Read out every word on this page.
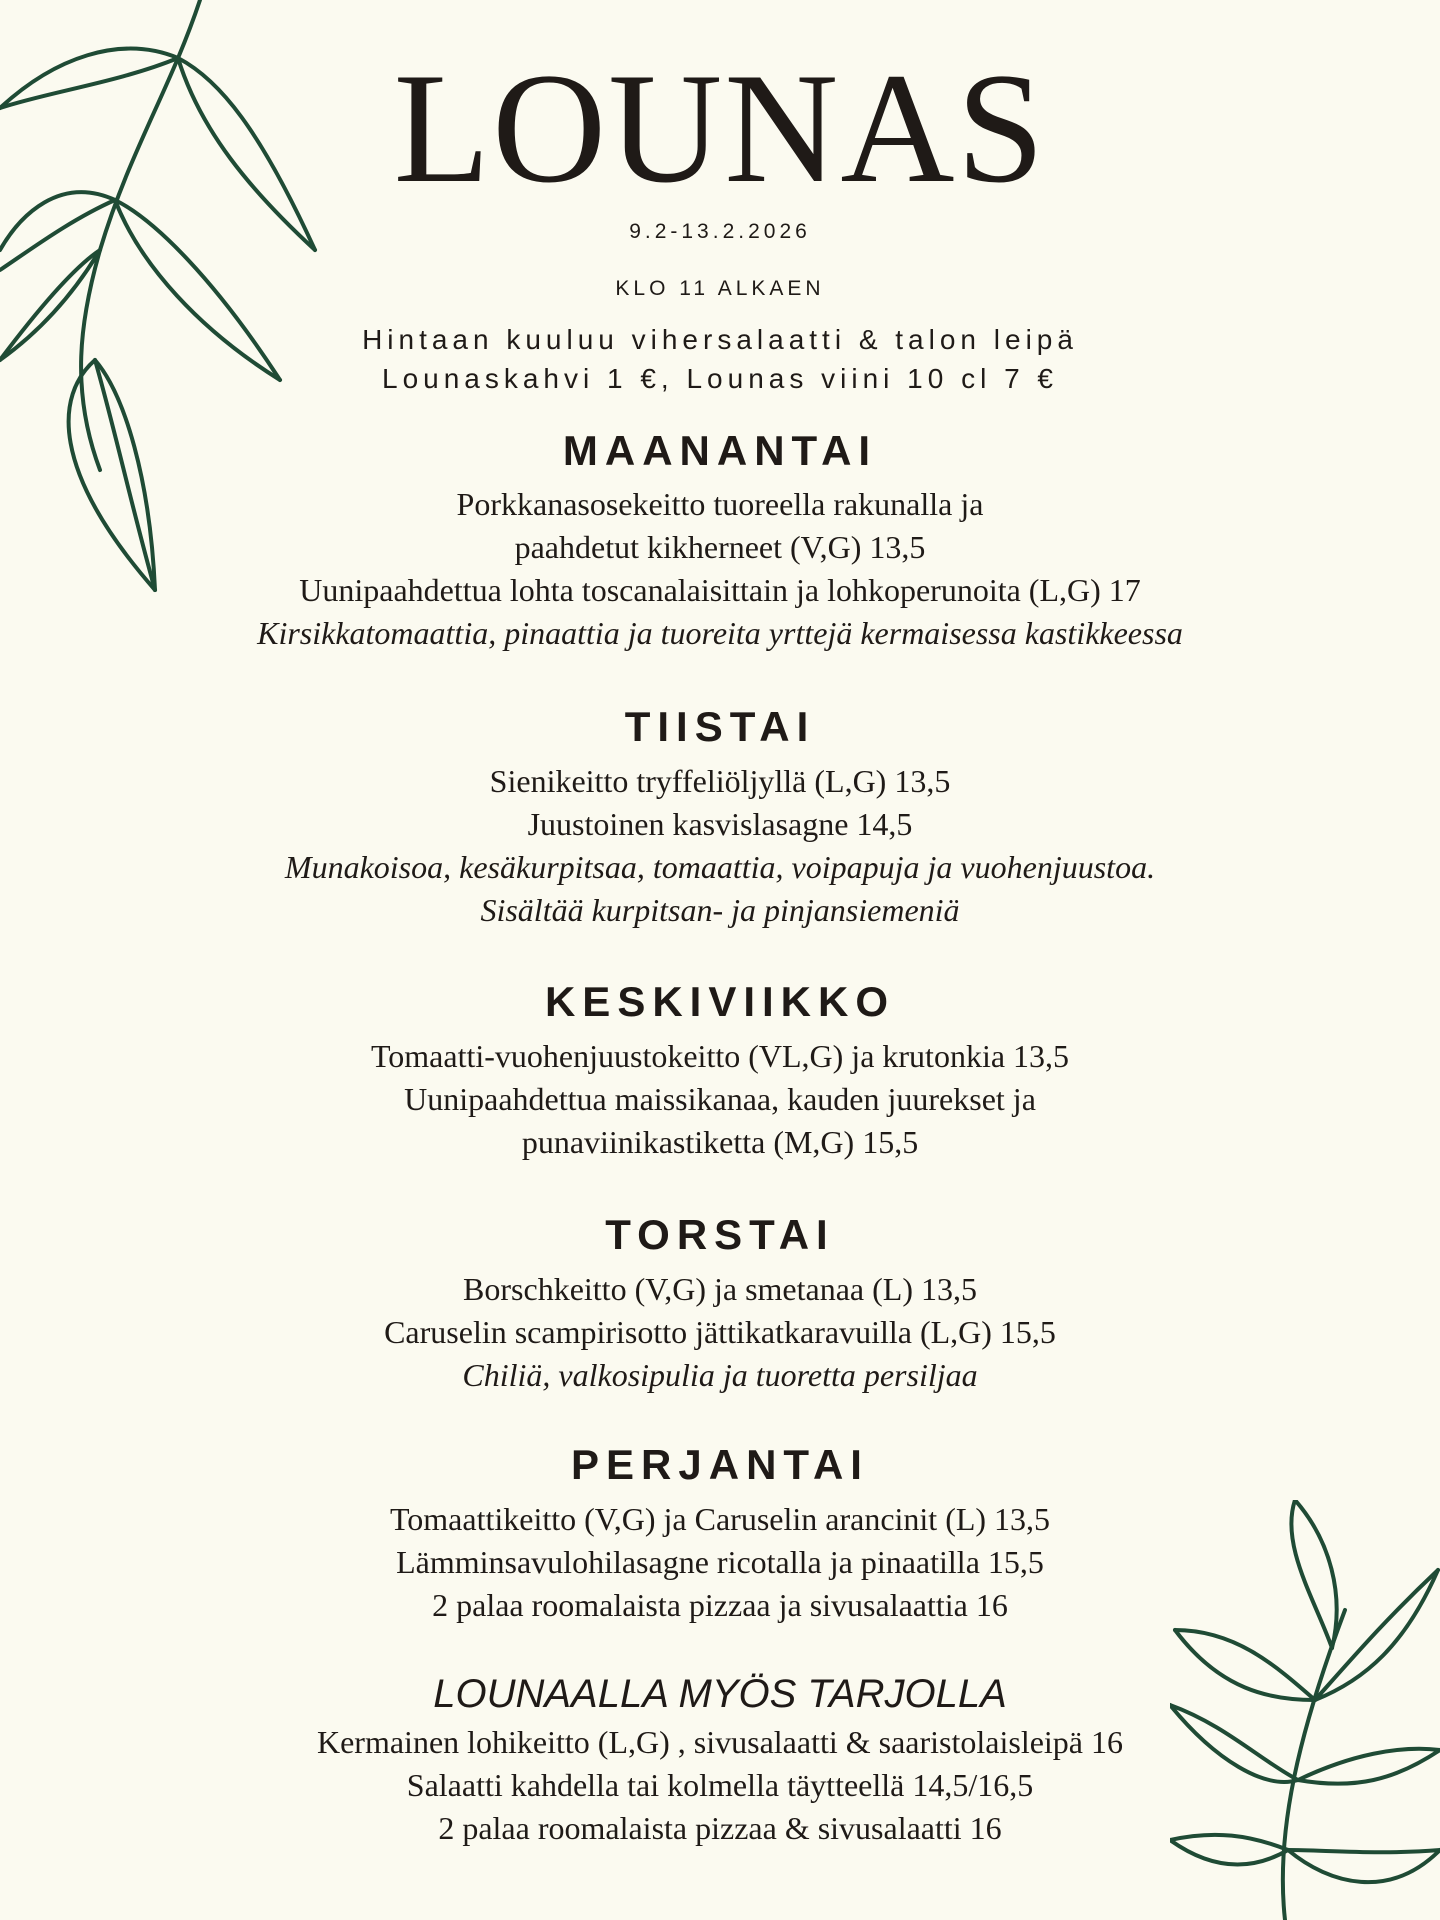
LOUNAS
9.2-13.2.2026
KLO 11 ALKAEN
Hintaan kuuluu vihersalaatti & talon leipä
Lounaskahvi 1 €, Lounas viini 10 cl 7 €
MAANANTAI
Porkkanasosekeitto tuoreella rakunalla ja
paahdetut kikherneet (V,G) 13,5
Uunipaahdettua lohta toscanalaisittain ja lohkoperunoita (L,G) 17
Kirsikkatomaattia, pinaattia ja tuoreita yrttejä kermaisessa kastikkeessa
TIISTAI
Sienikeitto tryffeliöljyllä (L,G) 13,5
Juustoinen kasvislasagne 14,5
Munakoisoa, kesäkurpitsaa, tomaattia, voipapuja ja vuohenjuustoa.
Sisältää kurpitsan- ja pinjansiemeniä
KESKIVIIKKO
Tomaatti-vuohenjuustokeitto (VL,G) ja krutonkia 13,5
Uunipaahdettua maissikanaa, kauden juurekset ja
punaviinikastiketta (M,G) 15,5
TORSTAI
Borschkeitto (V,G) ja smetanaa (L) 13,5
Caruselin scampirisotto jättikatkaravuilla (L,G) 15,5
Chiliä, valkosipulia ja tuoretta persiljaa
PERJANTAI
Tomaattikeitto (V,G) ja Caruselin arancinit (L) 13,5
Lämminsavulohilasagne ricotalla ja pinaatilla 15,5
2 palaa roomalaista pizzaa ja sivusalaattia 16
LOUNAALLA MYÖS TARJOLLA
Kermainen lohikeitto (L,G) , sivusalaatti & saaristolaisleipä 16
Salaatti kahdella tai kolmella täytteellä 14,5/16,5
2 palaa roomalaista pizzaa & sivusalaatti 16
